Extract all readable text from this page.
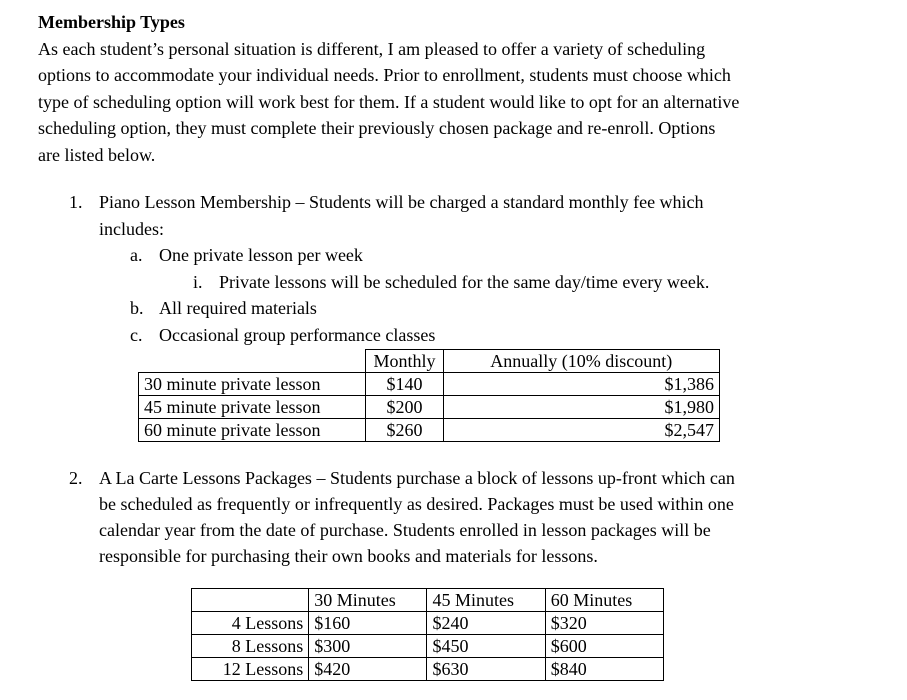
Membership Types
As each student’s personal situation is different, I am pleased to offer a variety of scheduling
options to accommodate your individual needs. Prior to enrollment, students must choose which
type of scheduling option will work best for them. If a student would like to opt for an alternative
scheduling option, they must complete their previously chosen package and re-enroll. Options
are listed below.
1. Piano Lesson Membership – Students will be charged a standard monthly fee which
includes:
a. One private lesson per week
i. Private lessons will be scheduled for the same day/time every week.
b. All required materials
c. Occasional group performance classes
	Monthly	Annually (10% discount)
30 minute private lesson	$140	$1,386
45 minute private lesson	$200	$1,980
60 minute private lesson	$260	$2,547
2. A La Carte Lessons Packages – Students purchase a block of lessons up-front which can
be scheduled as frequently or infrequently as desired. Packages must be used within one
calendar year from the date of purchase. Students enrolled in lesson packages will be
responsible for purchasing their own books and materials for lessons.
	30 Minutes	45 Minutes	60 Minutes
4 Lessons	$160	$240	$320
8 Lessons	$300	$450	$600
12 Lessons	$420	$630	$840
